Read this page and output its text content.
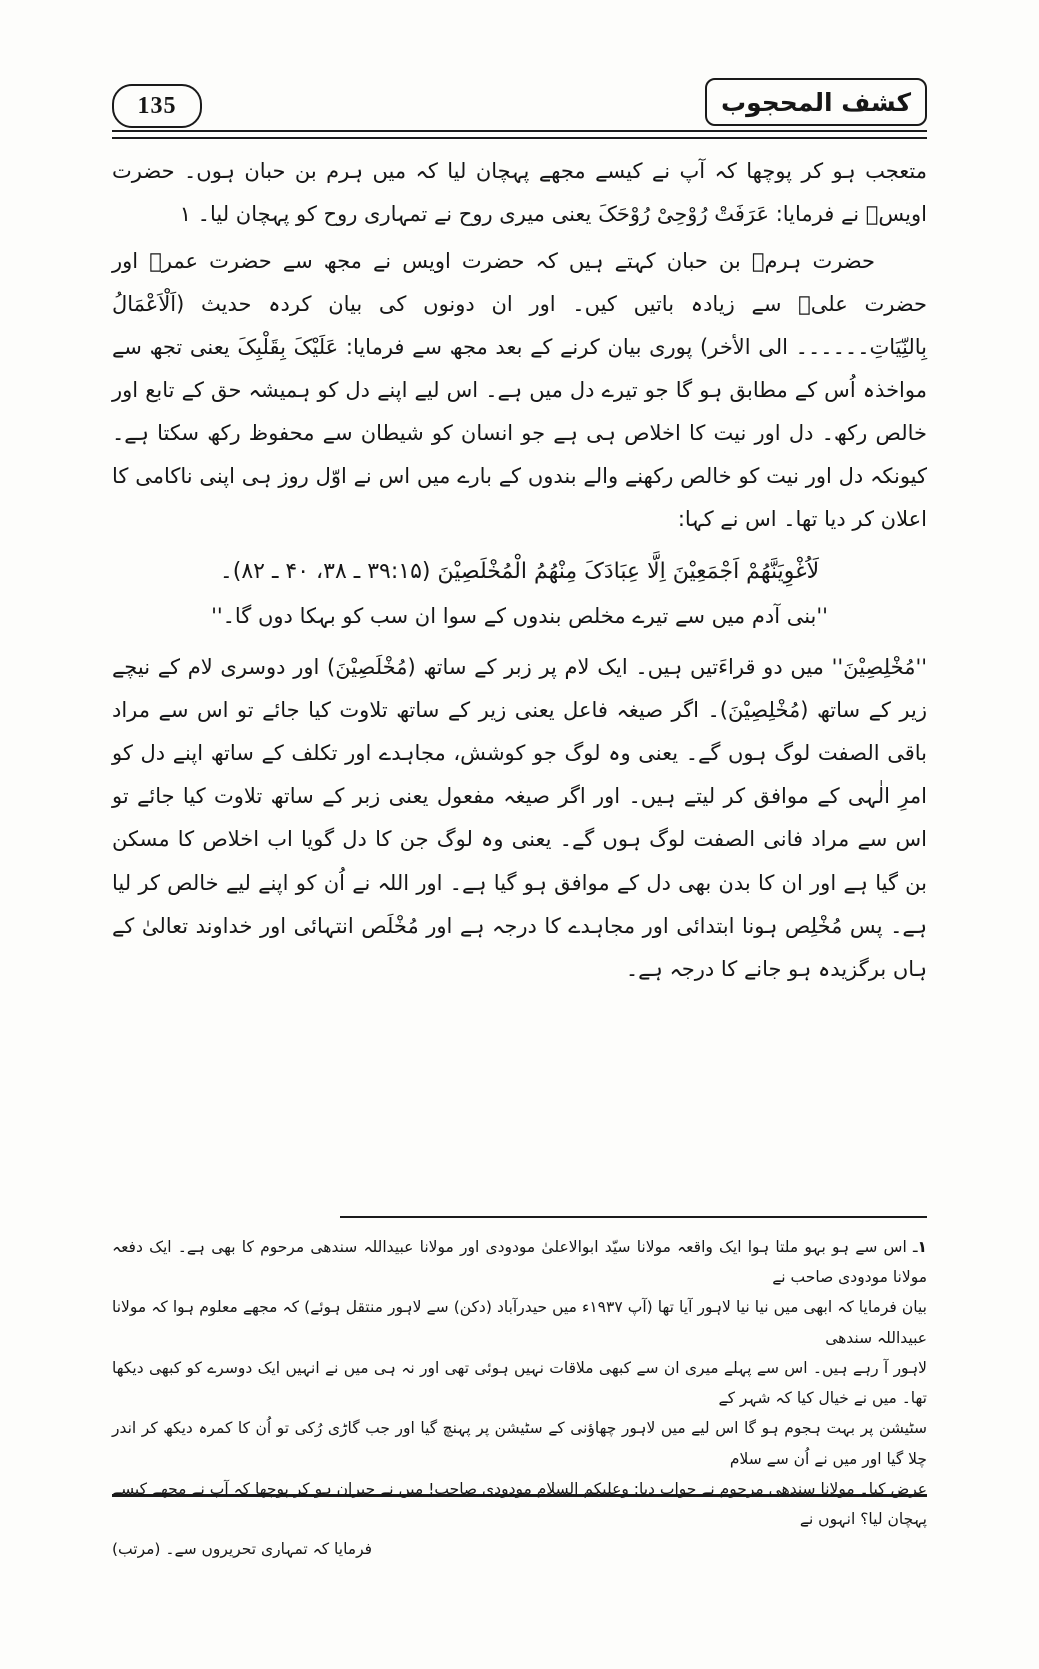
135	كشف المحجوب

متعجب ہو کر پوچھا کہ آپ نے کیسے مجھے پہچان لیا کہ میں ہرم بن حبان ہوں۔ حضرت اویسؒ نے فرمایا: عَرَفَتْ رُوْحِیْ رُوْحَکَ یعنی میری روح نے تمہاری روح کو پہچان لیا۔ ۱

حضرت ہرمؒ بن حبان کہتے ہیں کہ حضرت اویس نے مجھ سے حضرت عمرؓ اور حضرت علیؓ سے زیادہ باتیں کیں۔ اور ان دونوں کی بیان کردہ حدیث (اَلْاَعْمَالُ بِالنِّیَاتِ۔۔۔۔۔۔ الی الأخر) پوری بیان کرنے کے بعد مجھ سے فرمایا: عَلَیْکَ بِقَلْبِکَ یعنی تجھ سے مواخذہ اُس کے مطابق ہو گا جو تیرے دل میں ہے۔ اس لیے اپنے دل کو ہمیشہ حق کے تابع اور خالص رکھ۔ دل اور نیت کا اخلاص ہی ہے جو انسان کو شیطان سے محفوظ رکھ سکتا ہے۔ کیونکہ دل اور نیت کو خالص رکھنے والے بندوں کے بارے میں اس نے اوّل روز ہی اپنی ناکامی کا اعلان کر دیا تھا۔ اس نے کہا:

لَاُغْوِیَنَّهُمْ اَجْمَعِیْنَ اِلَّا عِبَادَکَ مِنْهُمُ الْمُخْلَصِیْنَ (۳۹:۱۵ ـ ۳۸، ۴۰ ـ ۸۲)۔

''بنی آدم میں سے تیرے مخلص بندوں کے سوا ان سب کو بہکا دوں گا۔''

''مُخْلِصِیْنَ'' میں دو قراءَتیں ہیں۔ ایک لام پر زبر کے ساتھ (مُخْلَصِیْنَ) اور دوسری لام کے نیچے زیر کے ساتھ (مُخْلِصِیْنَ)۔ اگر صیغہ فاعل یعنی زیر کے ساتھ تلاوت کیا جائے تو اس سے مراد باقی الصفت لوگ ہوں گے۔ یعنی وہ لوگ جو کوشش، مجاہدے اور تکلف کے ساتھ اپنے دل کو امرِ الٰہی کے موافق کر لیتے ہیں۔ اور اگر صیغہ مفعول یعنی زبر کے ساتھ تلاوت کیا جائے تو اس سے مراد فانی الصفت لوگ ہوں گے۔ یعنی وہ لوگ جن کا دل گویا اب اخلاص کا مسکن بن گیا ہے اور ان کا بدن بھی دل کے موافق ہو گیا ہے۔ اور اللہ نے اُن کو اپنے لیے خالص کر لیا ہے۔ پس مُخْلِص ہونا ابتدائی اور مجاہدے کا درجہ ہے اور مُخْلَص انتہائی اور خداوند تعالیٰ کے ہاں برگزیدہ ہو جانے کا درجہ ہے۔

۱ـ اس سے ہو بہو ملتا ہوا ایک واقعہ مولانا سیّد ابوالاعلیٰ مودودی اور مولانا عبیداللہ سندھی مرحوم کا بھی ہے۔ ایک دفعہ مولانا مودودی صاحب نے
بیان فرمایا کہ ابھی میں نیا نیا لاہور آیا تھا (آپ ۱۹۳۷ء میں حیدرآباد (دکن) سے لاہور منتقل ہوئے) کہ مجھے معلوم ہوا کہ مولانا عبیداللہ سندھی
لاہور آ رہے ہیں۔ اس سے پہلے میری ان سے کبھی ملاقات نہیں ہوئی تھی اور نہ ہی میں نے انہیں ایک دوسرے کو کبھی دیکھا تھا۔ میں نے خیال کیا کہ شہر کے
سٹیشن پر بہت ہجوم ہو گا اس لیے میں لاہور چھاؤنی کے سٹیشن پر پہنچ گیا اور جب گاڑی رُکی تو اُن کا کمرہ دیکھ کر اندر چلا گیا اور میں نے اُن سے سلام
عرض کیا۔ مولانا سندھی مرحوم نے جواب دیا: وعلیکم السلام مودودی صاحب! میں نے حیران ہو کر پوچھا کہ آپ نے مجھے کیسے پہچان لیا؟ انہوں نے
فرمایا کہ تمہاری تحریروں سے۔ (مرتب)
